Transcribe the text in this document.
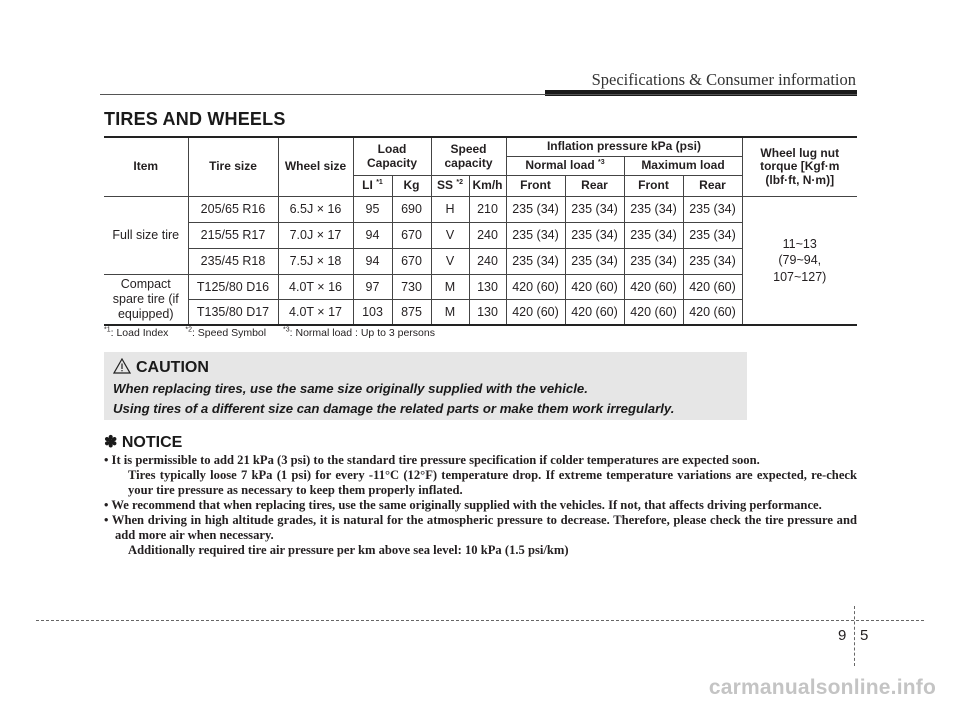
Specifications & Consumer information
TIRES AND WHEELS
Item	Tire size	Wheel size	Load Capacity		Speed capacity		Inflation pressure kPa (psi)				Wheel lug nut torque [Kgf·m (lbf·ft, N·m)]

							Normal load $^{*3}$		Maximum load		
			LI $^{*1}$	Kg	SS $^{*2}$	Km/h	Front	Rear	Front	Rear	
Full size tire	205/65 R16	6.5J × 16	95	690	H	210	235 (34)	235 (34)	235 (34)	235 (34)	11~13 (79~94, 107~127)

	215/55 R17	7.0J × 17	94	670	V	240	235 (34)	235 (34)	235 (34)	235 (34)	
	235/45 R18	7.5J × 18	94	670	V	240	235 (34)	235 (34)	235 (34)	235 (34)	

Compact spare tire (if equipped)	T125/80 D16	4.0T × 16	97	730	M	130	420 (60)	420 (60)	420 (60)	420 (60)	
	T135/80 D17	4.0T × 17	103	875	M	130	420 (60)	420 (60)	420 (60)	420 (60)	
$^{*1}$: Load Index $^{*2}$: Speed Symbol $^{*3}$: Normal load : Up to 3 persons
CAUTION
When replacing tires, use the same size originally supplied with the vehicle.
Using tires of a different size can damage the related parts or make them work irregularly.
✽ NOTICE

• It is permissible to add 21 kPa (3 psi) to the standard tire pressure specification if colder temperatures are expected soon.

Tires typically loose 7 kPa (1 psi) for every -11°C (12°F) temperature drop. If extreme temperature variations are expected, re-check your tire pressure as necessary to keep them properly inflated.

• We recommend that when replacing tires, use the same originally supplied with the vehicles. If not, that affects driving performance.

• When driving in high altitude grades, it is natural for the atmospheric pressure to decrease. Therefore, please check the tire pressure and add more air when necessary.

Additionally required tire air pressure per km above sea level: 10 kPa (1.5 psi/km)

9 5
carmanualsonline.info
